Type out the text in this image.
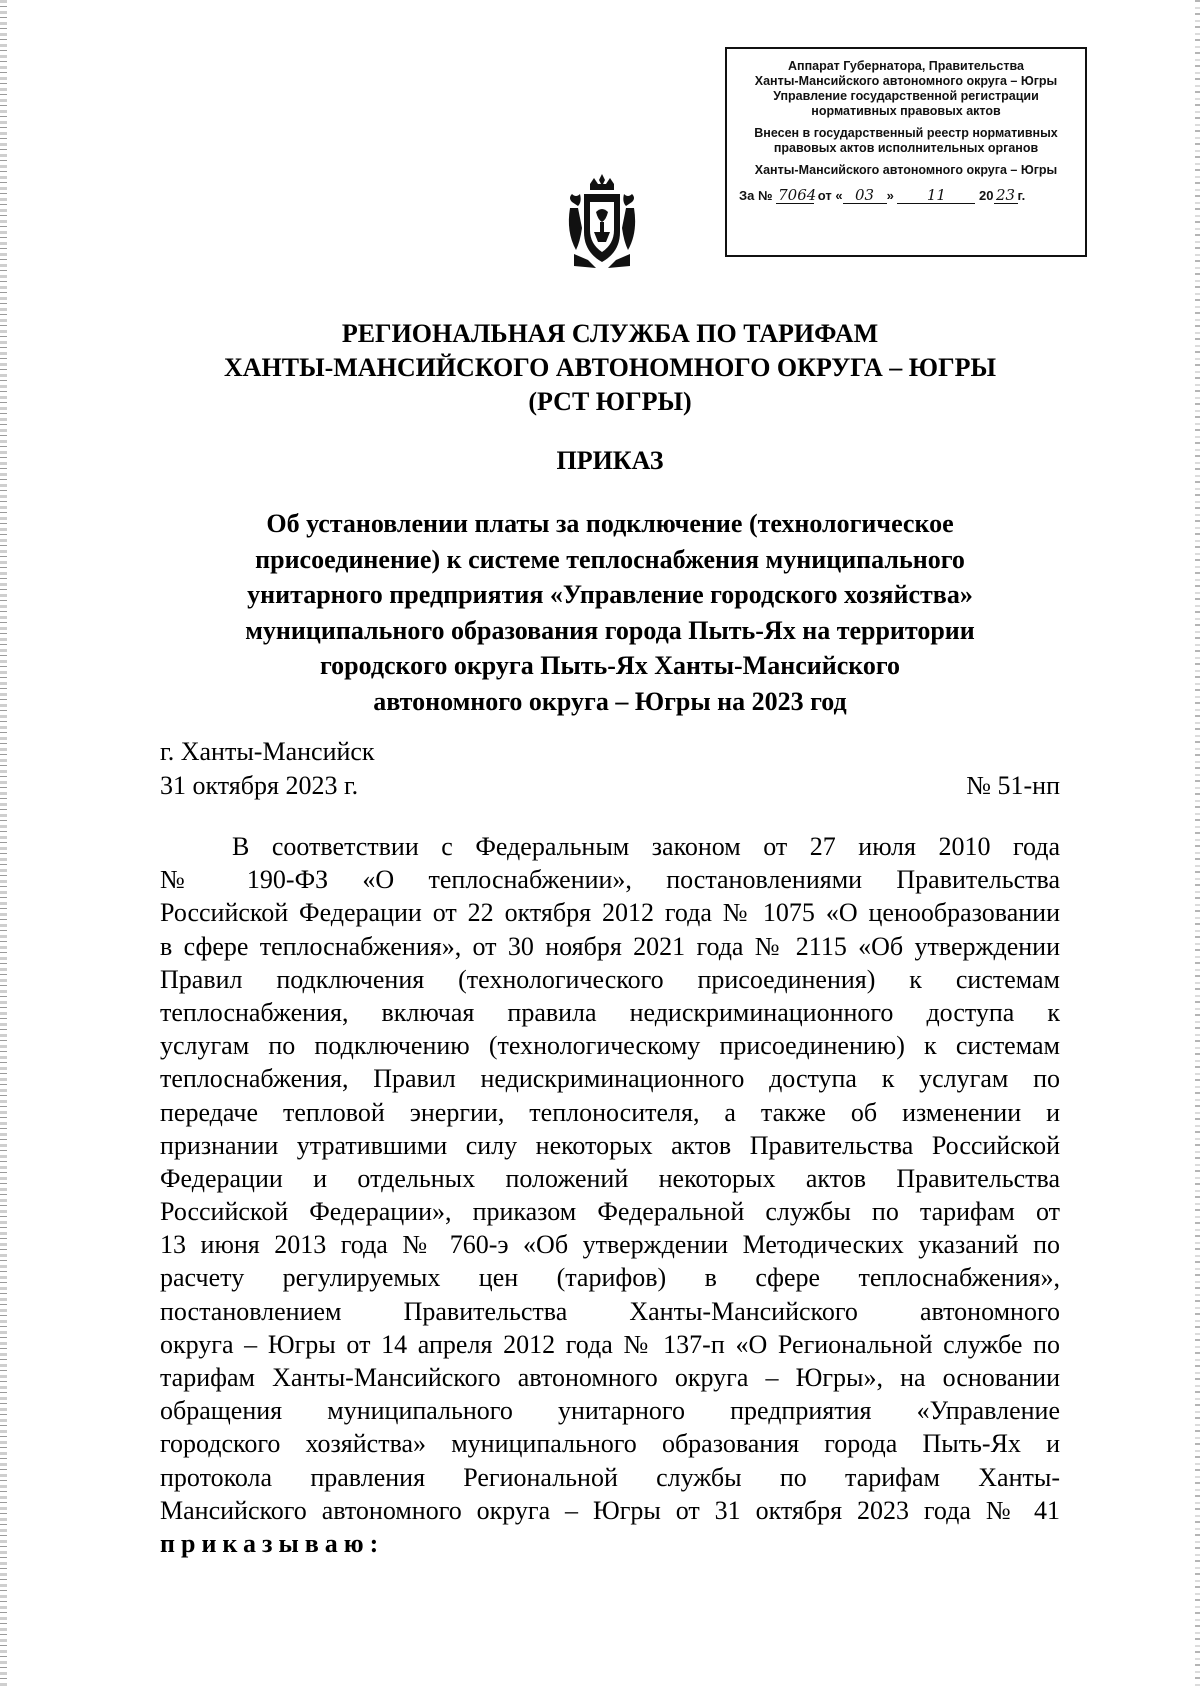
Аппарат Губернатора, Правительства
Ханты-Мансийского автономного округа – Югры
Управление государственной регистрации
нормативных правовых актов
Внесен в государственный реестр нормативных
правовых актов исполнительных органов
Ханты-Мансийского автономного округа – Югры
За № 7064 от « 03 » 11	20 23 г.
РЕГИОНАЛЬНАЯ СЛУЖБА ПО ТАРИФАМ
ХАНТЫ-МАНСИЙСКОГО АВТОНОМНОГО ОКРУГА – ЮГРЫ
(РСТ ЮГРЫ)
ПРИКАЗ
Об установлении платы за подключение (технологическое
присоединение) к системе теплоснабжения муниципального
унитарного предприятия «Управление городского хозяйства»
муниципального образования города Пыть-Ях на территории
городского округа Пыть-Ях Ханты-Мансийского
автономного округа – Югры на 2023 год
г. Ханты-Мансийск
31 октября 2023 г.	№ 51-нп
В соответствии с Федеральным законом от 27 июля 2010 года
№ 190-ФЗ «О теплоснабжении», постановлениями Правительства
Российской Федерации от 22 октября 2012 года № 1075 «О ценообразовании
в сфере теплоснабжения», от 30 ноября 2021 года № 2115 «Об утверждении
Правил подключения (технологического присоединения) к системам
теплоснабжения, включая правила недискриминационного доступа к
услугам по подключению (технологическому присоединению) к системам
теплоснабжения, Правил недискриминационного доступа к услугам по
передаче тепловой энергии, теплоносителя, а также об изменении и
признании утратившими силу некоторых актов Правительства Российской
Федерации и отдельных положений некоторых актов Правительства
Российской Федерации», приказом Федеральной службы по тарифам от
13 июня 2013 года № 760-э «Об утверждении Методических указаний по
расчету регулируемых цен (тарифов) в сфере теплоснабжения»,
постановлением Правительства Ханты-Мансийского автономного
округа – Югры от 14 апреля 2012 года № 137-п «О Региональной службе по
тарифам Ханты-Мансийского автономного округа – Югры», на основании
обращения муниципального унитарного предприятия «Управление
городского хозяйства» муниципального образования города Пыть-Ях и
протокола правления Региональной службы по тарифам Ханты-
Мансийского автономного округа – Югры от 31 октября 2023 года № 41
приказываю:
